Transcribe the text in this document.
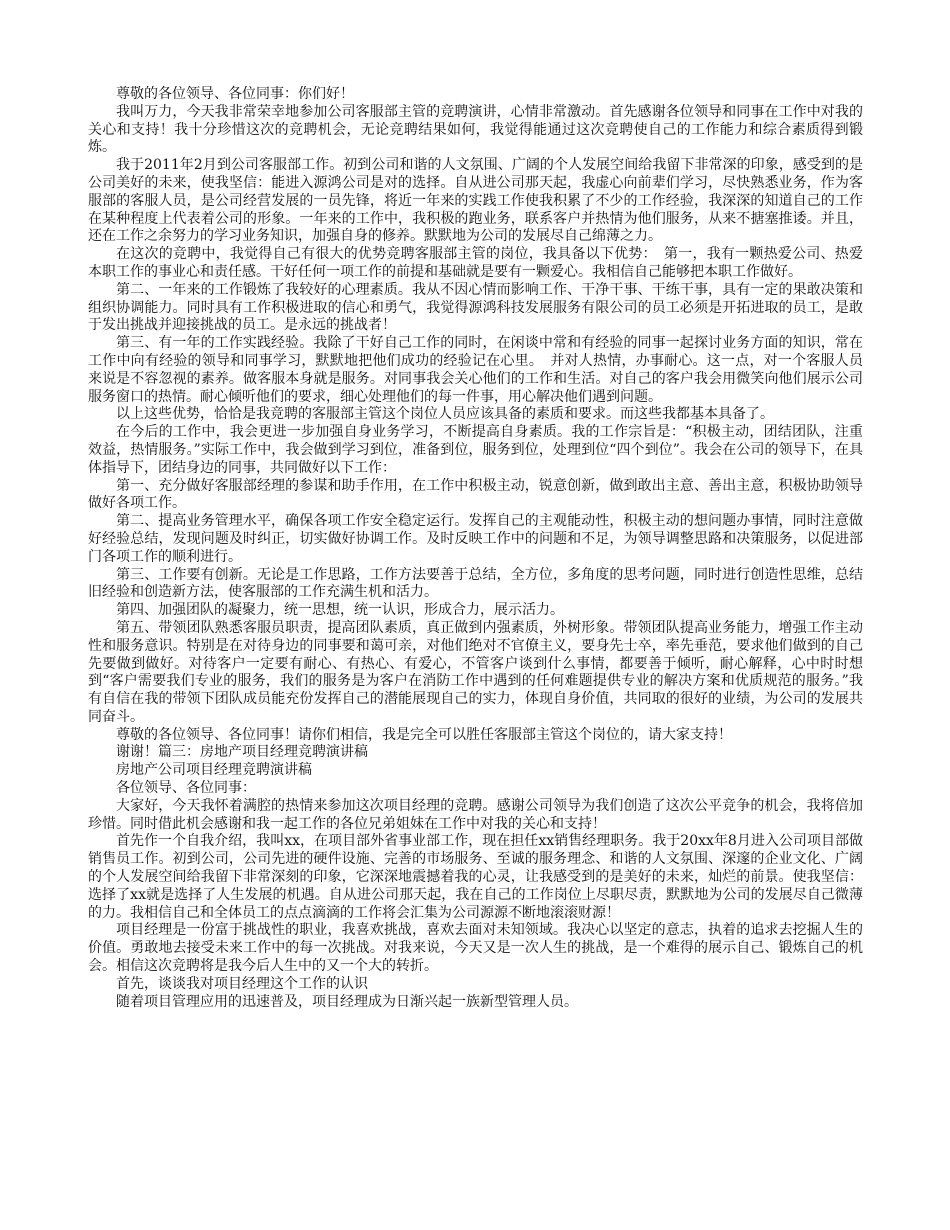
尊敬的各位领导、各位同事：你们好！

我叫万力，今天我非常荣幸地参加公司客服部主管的竞聘演讲，心情非常激动。首先感谢各位领导和同事在工作中对我的关心和支持！我十分珍惜这次的竞聘机会，无论竞聘结果如何，我觉得能通过这次竞聘使自己的工作能力和综合素质得到锻炼。

我于2011年2月到公司客服部工作。初到公司和谐的人文氛围、广阔的个人发展空间给我留下非常深的印象，感受到的是公司美好的未来，使我坚信：能进入源鸿公司是对的选择。自从进公司那天起，我虚心向前辈们学习，尽快熟悉业务，作为客服部的客服人员，是公司经营发展的一员先锋，将近一年来的实践工作使我积累了不少的工作经验，我深深的知道自己的工作在某种程度上代表着公司的形象。一年来的工作中，我积极的跑业务，联系客户并热情为他们服务，从来不搪塞推诿。并且，还在工作之余努力的学习业务知识，加强自身的修养。默默地为公司的发展尽自己绵薄之力。

在这次的竞聘中，我觉得自己有很大的优势竞聘客服部主管的岗位，我具备以下优势：　第一，我有一颗热爱公司、热爱本职工作的事业心和责任感。干好任何一项工作的前提和基础就是要有一颗爱心。我相信自己能够把本职工作做好。

第二、一年来的工作锻炼了我较好的心理素质。我从不因心情而影响工作、干净干事、干练干事，具有一定的果敢决策和组织协调能力。同时具有工作积极进取的信心和勇气，我觉得源鸿科技发展服务有限公司的员工必须是开拓进取的员工，是敢于发出挑战并迎接挑战的员工。是永远的挑战者！

第三、有一年的工作实践经验。我除了干好自己工作的同时，在闲谈中常和有经验的同事一起探讨业务方面的知识，常在工作中向有经验的领导和同事学习，默默地把他们成功的经验记在心里。　并对人热情，办事耐心。这一点，对一个客服人员来说是不容忽视的素养。做客服本身就是服务。对同事我会关心他们的工作和生活。对自己的客户我会用微笑向他们展示公司服务窗口的热情。耐心倾听他们的要求，细心处理他们的每一件事，用心解决他们遇到问题。

以上这些优势，恰恰是我竞聘的客服部主管这个岗位人员应该具备的素质和要求。而这些我都基本具备了。

在今后的工作中，我会更进一步加强自身业务学习，不断提高自身素质。我的工作宗旨是：“积极主动，团结团队，注重效益，热情服务。”实际工作中，我会做到学习到位，准备到位，服务到位，处理到位“四个到位”。我会在公司的领导下，在具体指导下，团结身边的同事，共同做好以下工作：

第一、充分做好客服部经理的参谋和助手作用，在工作中积极主动，锐意创新，做到敢出主意、善出主意，积极协助领导做好各项工作。

第二、提高业务管理水平，确保各项工作安全稳定运行。发挥自己的主观能动性，积极主动的想问题办事情，同时注意做好经验总结，发现问题及时纠正，切实做好协调工作。及时反映工作中的问题和不足，为领导调整思路和决策服务，以促进部门各项工作的顺利进行。

第三、工作要有创新。无论是工作思路，工作方法要善于总结，全方位，多角度的思考问题，同时进行创造性思维，总结旧经验和创造新方法，使客服部的工作充满生机和活力。

第四、加强团队的凝聚力，统一思想，统一认识，形成合力，展示活力。

第五、带领团队熟悉客服员职责，提高团队素质，真正做到内强素质，外树形象。带领团队提高业务能力，增强工作主动性和服务意识。特别是在对待身边的同事要和蔼可亲，对他们绝对不官僚主义，要身先士卒，率先垂范，要求他们做到的自己先要做到做好。对待客户一定要有耐心、有热心、有爱心，不管客户谈到什么事情，都要善于倾听，耐心解释，心中时时想到“客户需要我们专业的服务，我们的服务是为客户在消防工作中遇到的任何难题提供专业的解决方案和优质规范的服务。”我有自信在我的带领下团队成员能充份发挥自己的潜能展现自己的实力，体现自身价值，共同取的很好的业绩，为公司的发展共同奋斗。

尊敬的各位领导、各位同事！请你们相信，我是完全可以胜任客服部主管这个岗位的，请大家支持！

谢谢！篇三：房地产项目经理竞聘演讲稿

房地产公司项目经理竞聘演讲稿

各位领导、各位同事：

大家好，今天我怀着满腔的热情来参加这次项目经理的竞聘。感谢公司领导为我们创造了这次公平竞争的机会，我将倍加珍惜。同时借此机会感谢和我一起工作的各位兄弟姐妹在工作中对我的关心和支持！

首先作一个自我介绍，我叫xx，在项目部外省事业部工作，现在担任xx销售经理职务。我于20xx年8月进入公司项目部做销售员工作。初到公司，公司先进的硬件设施、完善的市场服务、至诚的服务理念、和谐的人文氛围、深邃的企业文化、广阔的个人发展空间给我留下非常深刻的印象，它深深地震撼着我的心灵，让我感受到的是美好的未来，灿烂的前景。使我坚信：选择了xx就是选择了人生发展的机遇。自从进公司那天起，我在自己的工作岗位上尽职尽责，默默地为公司的发展尽自己微薄的力。我相信自己和全体员工的点点滴滴的工作将会汇集为公司源源不断地滚滚财源！

项目经理是一份富于挑战性的职业，我喜欢挑战，喜欢去面对未知领域。我决心以坚定的意志，执着的追求去挖掘人生的价值。勇敢地去接受未来工作中的每一次挑战。对我来说，今天又是一次人生的挑战，是一个难得的展示自己、锻炼自己的机会。相信这次竞聘将是我今后人生中的又一个大的转折。

首先，谈谈我对项目经理这个工作的认识

随着项目管理应用的迅速普及，项目经理成为日渐兴起一族新型管理人员。
